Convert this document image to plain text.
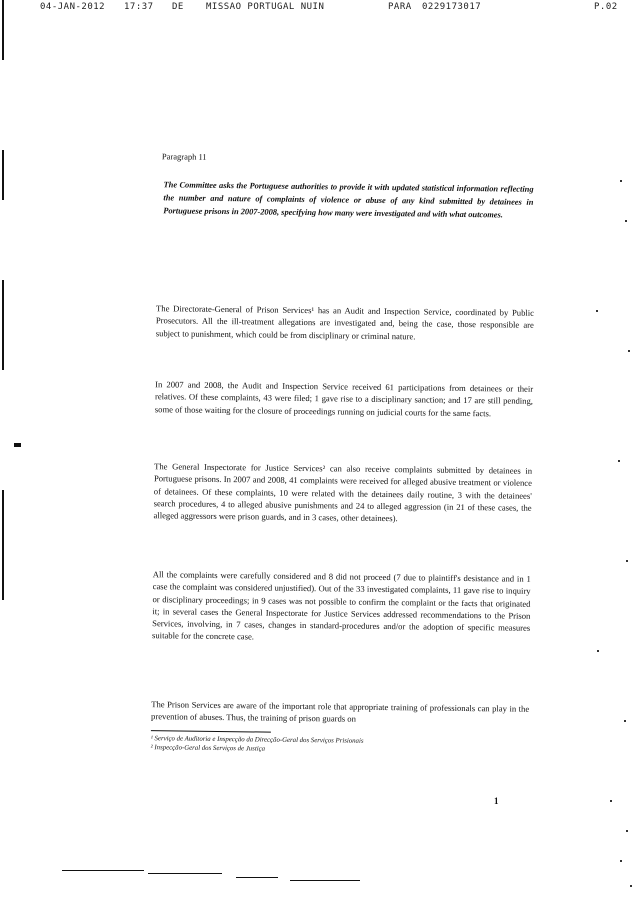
04-JAN-2012 17:37 DE MISSAO PORTUGAL NUIN	PARA 0229173017	P.02
Paragraph 11
The Committee asks the Portuguese authorities to provide it with updated statistical information reflecting the number and nature of complaints of violence or abuse of any kind submitted by detainees in Portuguese prisons in 2007-2008, specifying how many were investigated and with what outcomes.
The Directorate-General of Prison Services¹ has an Audit and Inspection Service, coordinated by Public Prosecutors. All the ill-treatment allegations are investigated and, being the case, those responsible are subject to punishment, which could be from disciplinary or criminal nature.
In 2007 and 2008, the Audit and Inspection Service received 61 participations from detainees or their relatives. Of these complaints, 43 were filed; 1 gave rise to a disciplinary sanction; and 17 are still pending, some of those waiting for the closure of proceedings running on judicial courts for the same facts.
The General Inspectorate for Justice Services² can also receive complaints submitted by detainees in Portuguese prisons. In 2007 and 2008, 41 complaints were received for alleged abusive treatment or violence of detainees. Of these complaints, 10 were related with the detainees daily routine, 3 with the detainees' search procedures, 4 to alleged abusive punishments and 24 to alleged aggression (in 21 of these cases, the alleged aggressors were prison guards, and in 3 cases, other detainees).
All the complaints were carefully considered and 8 did not proceed (7 due to plaintiff's desistance and in 1 case the complaint was considered unjustified). Out of the 33 investigated complaints, 11 gave rise to inquiry or disciplinary proceedings; in 9 cases was not possible to confirm the complaint or the facts that originated it; in several cases the General Inspectorate for Justice Services addressed recommendations to the Prison Services, involving, in 7 cases, changes in standard-procedures and/or the adoption of specific measures suitable for the concrete case.
The Prison Services are aware of the important role that appropriate training of professionals can play in the prevention of abuses. Thus, the training of prison guards on
¹ Serviço de Auditoria e Inspecção da Direcção-Geral dos Serviços Prisionais
² Inspecção-Geral dos Serviços de Justiça
1
